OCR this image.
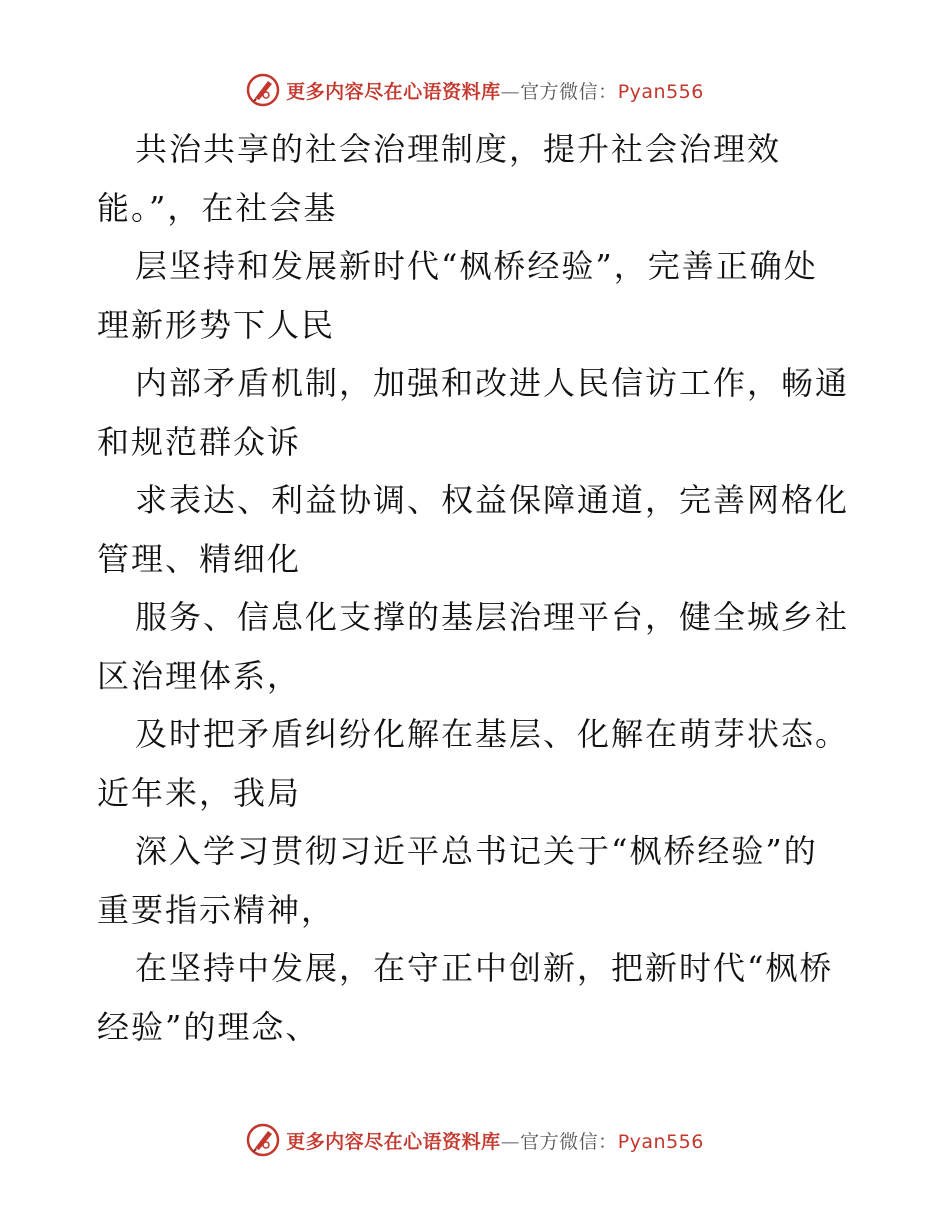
更多内容尽在心语资料库—官方微信：Pyan556
共治共享的社会治理制度，提升社会治理效
能。”，在社会基
层坚持和发展新时代“枫桥经验”，完善正确处
理新形势下人民
内部矛盾机制，加强和改进人民信访工作，畅通
和规范群众诉
求表达、利益协调、权益保障通道，完善网格化
管理、精细化
服务、信息化支撑的基层治理平台，健全城乡社
区治理体系，
及时把矛盾纠纷化解在基层、化解在萌芽状态。
近年来，我局
深入学习贯彻习近平总书记关于“枫桥经验”的
重要指示精神，
在坚持中发展，在守正中创新，把新时代“枫桥
经验”的理念、
更多内容尽在心语资料库—官方微信：Pyan556
